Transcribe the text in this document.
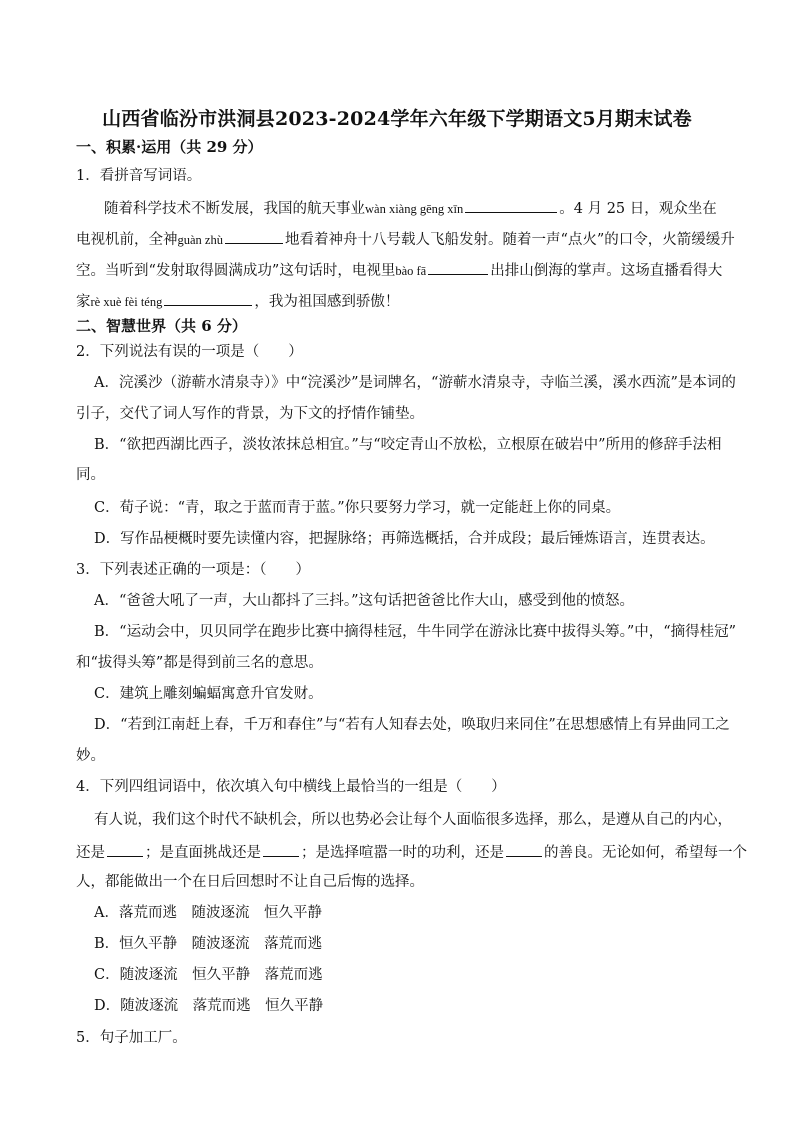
山西省临汾市洪洞县2023-2024学年六年级下学期语文5月期末试卷
一、积累·运用（共 29 分）
1．看拼音写词语。
随着科学技术不断发展，我国的航天事业wàn xiàng gēng xīn	。4 月 25 日，观众坐在
电视机前，全神guàn zhù	地看着神舟十八号载人飞船发射。随着一声“点火”的口令，火箭缓缓升
空。当听到“发射取得圆满成功”这句话时，电视里bào fā	出排山倒海的掌声。这场直播看得大
家rè xuè fèi téng	，我为祖国感到骄傲！
二、智慧世界（共 6 分）
2．下列说法有误的一项是（　　）
A．浣溪沙（游蕲水清泉寺）》中“浣溪沙”是词牌名，“游蕲水清泉寺，寺临兰溪，溪水西流”是本词的
引子，交代了词人写作的背景，为下文的抒情作铺垫。
B．“欲把西湖比西子，淡妆浓抹总相宜。”与“咬定青山不放松，立根原在破岩中”所用的修辞手法相
同。
C．荀子说：“青，取之于蓝而青于蓝。”你只要努力学习，就一定能赶上你的同桌。
D．写作品梗概时要先读懂内容，把握脉络；再筛选概括，合并成段；最后锤炼语言，连贯表达。
3．下列表述正确的一项是：（　　）
A．“爸爸大吼了一声，大山都抖了三抖。”这句话把爸爸比作大山，感受到他的愤怒。
B．“运动会中，贝贝同学在跑步比赛中摘得桂冠，牛牛同学在游泳比赛中拔得头筹。”中，“摘得桂冠”
和“拔得头筹”都是得到前三名的意思。
C．建筑上雕刻蝙蝠寓意升官发财。
D．“若到江南赶上春，千万和春住”与“若有人知春去处，唤取归来同住”在思想感情上有异曲同工之
妙。
4．下列四组词语中，依次填入句中横线上最恰当的一组是（　　）
有人说，我们这个时代不缺机会，所以也势必会让每个人面临很多选择，那么，是遵从自己的内心，
还是	；是直面挑战还是	；是选择喧嚣一时的功利，还是	的善良。无论如何，希望每一个
人，都能做出一个在日后回想时不让自己后悔的选择。
A．落荒而逃　随波逐流　恒久平静
B．恒久平静　随波逐流　落荒而逃
C．随波逐流　恒久平静　落荒而逃
D．随波逐流　落荒而逃　恒久平静
5．句子加工厂。
